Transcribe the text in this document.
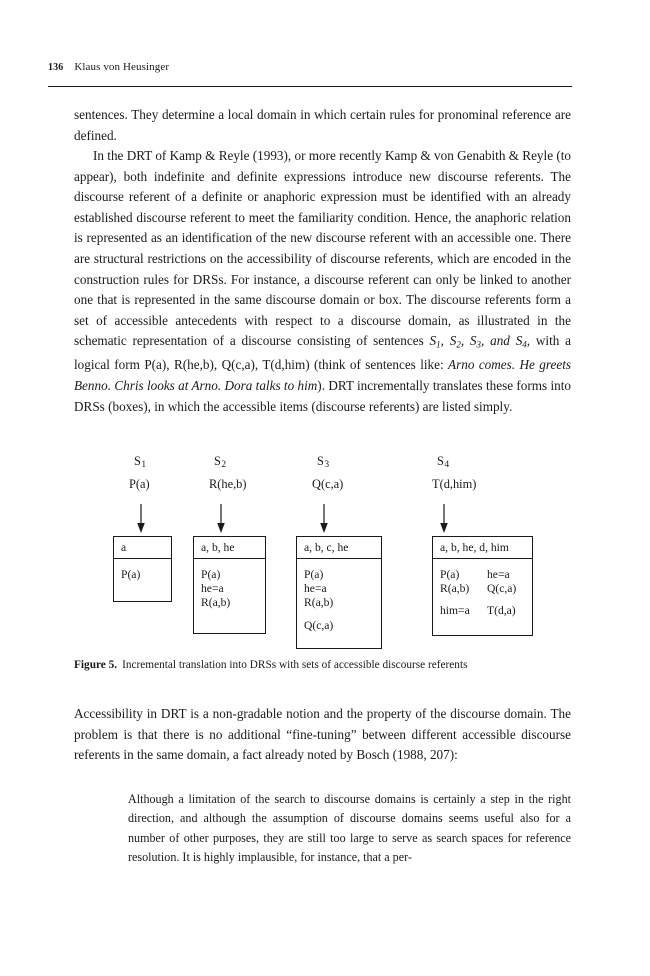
136 Klaus von Heusinger

sentences. They determine a local domain in which certain rules for pronominal reference are defined.

In the DRT of Kamp & Reyle (1993), or more recently Kamp & von Genabith & Reyle (to appear), both indefinite and definite expressions introduce new discourse referents. The discourse referent of a definite or anaphoric expression must be identified with an already established discourse referent to meet the familiarity condition. Hence, the anaphoric relation is represented as an identification of the new discourse referent with an accessible one. There are structural restrictions on the accessibility of discourse referents, which are encoded in the construction rules for DRSs. For instance, a discourse referent can only be linked to another one that is represented in the same discourse domain or box. The discourse referents form a set of accessible antecedents with respect to a discourse domain, as illustrated in the schematic representation of a discourse consisting of sentences $S_1$, $S_2$, $S_3$, and $S_4$, with a logical form P(a), R(he,b), Q(c,a), T(d,him) (think of sentences like: Arno comes. He greets Benno. Chris looks at Arno. Dora talks to him). DRT incrementally translates these forms into DRSs (boxes), in which the accessible items (discourse referents) are listed simply.

S1
P(a)
a
P(a)
S2
R(he,b)
a, b, he
P(a)
he=a
R(a,b)
S3
Q(c,a)
a, b, c, he
P(a)
he=a
R(a,b)
Q(c,a)
S4
T(d,him)
a, b, he, d, him
P(a)	he=a
R(a,b)	Q(c,a)
him=a	T(d,a)
Figure 5. Incremental translation into DRSs with sets of accessible discourse referents

Accessibility in DRT is a non-gradable notion and the property of the discourse domain. The problem is that there is no additional “fine-tuning” between different accessible discourse referents in the same domain, a fact already noted by Bosch (1988, 207):

Although a limitation of the search to discourse domains is certainly a step in the right direction, and although the assumption of discourse domains seems useful also for a number of other purposes, they are still too large to serve as search spaces for reference resolution. It is highly implausible, for instance, that a per-
